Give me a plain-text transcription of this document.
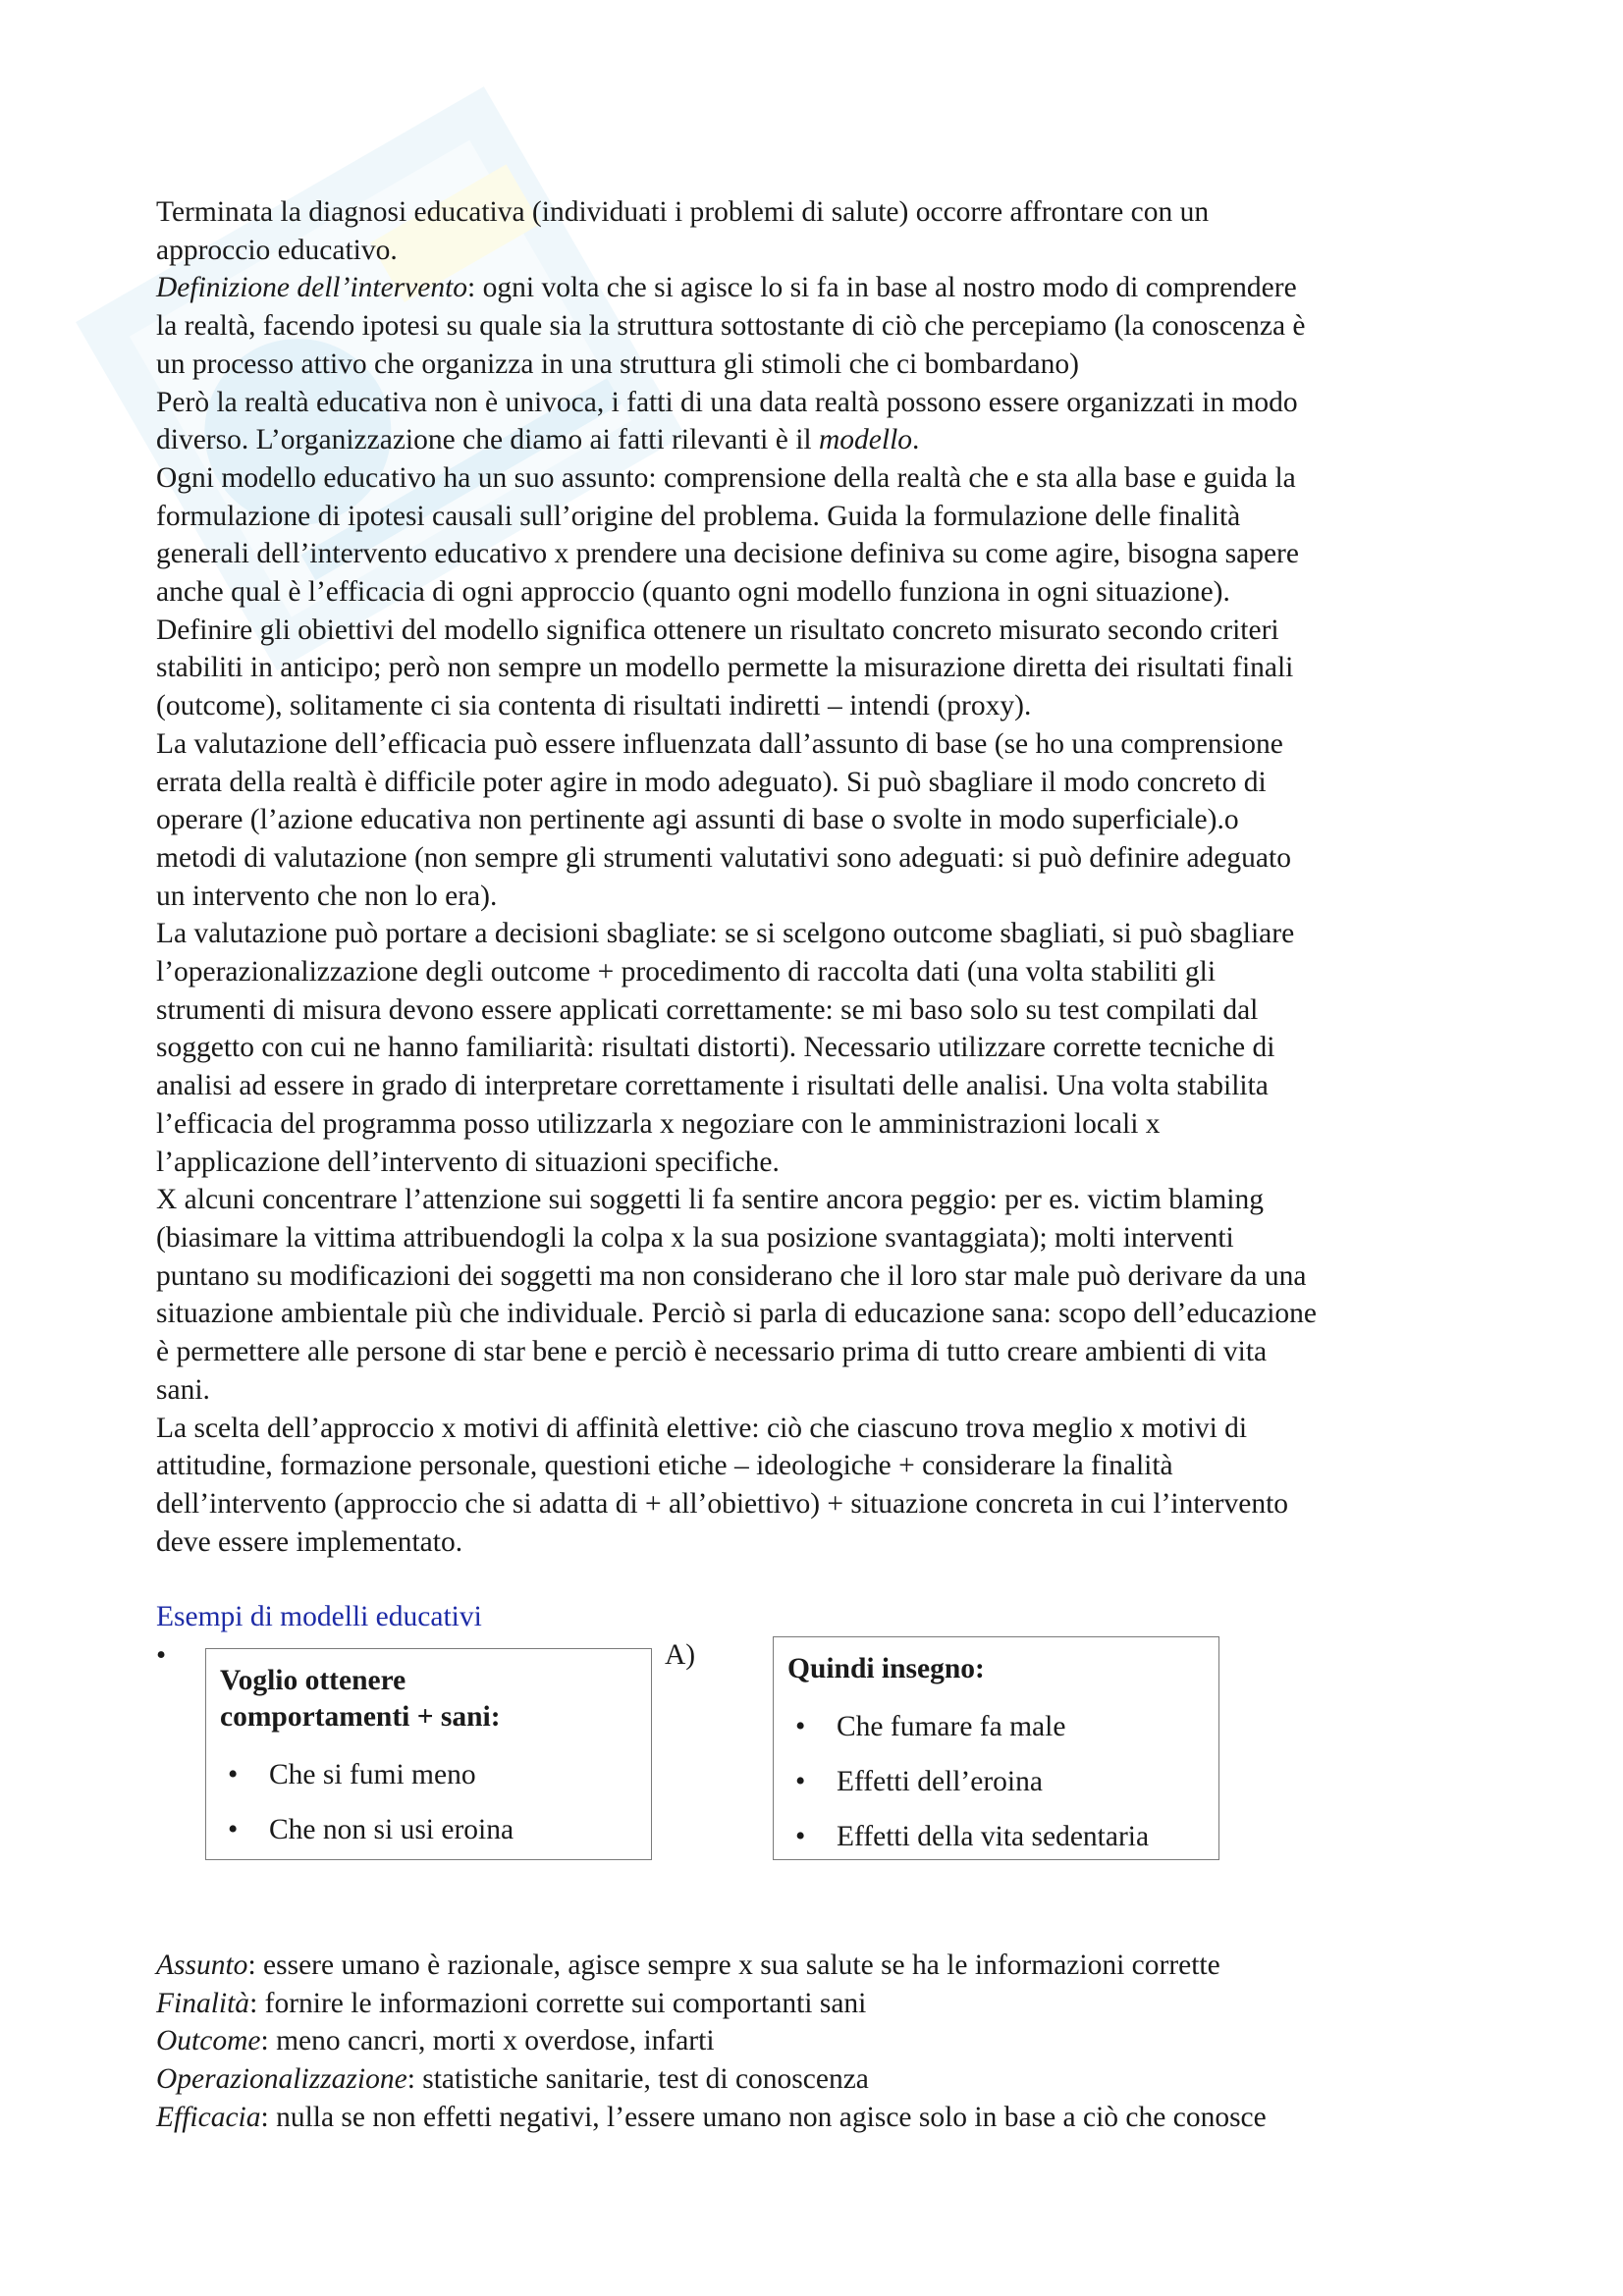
Terminata la diagnosi educativa (individuati i problemi di salute) occorre affrontare con un
approccio educativo.
Definizione dell’intervento: ogni volta che si agisce lo si fa in base al nostro modo di comprendere
la realtà, facendo ipotesi su quale sia la struttura sottostante di ciò che percepiamo (la conoscenza è
un processo attivo che organizza in una struttura gli stimoli che ci bombardano)
Però la realtà educativa non è univoca, i fatti di una data realtà possono essere organizzati in modo
diverso. L’organizzazione che diamo ai fatti rilevanti è il modello.
Ogni modello educativo ha un suo assunto: comprensione della realtà che e sta alla base e guida la
formulazione di ipotesi causali sull’origine del problema. Guida la formulazione delle finalità
generali dell’intervento educativo x prendere una decisione definiva su come agire, bisogna sapere
anche qual è l’efficacia di ogni approccio (quanto ogni modello funziona in ogni situazione).
Definire gli obiettivi del modello significa ottenere un risultato concreto misurato secondo criteri
stabiliti in anticipo; però non sempre un modello permette la misurazione diretta dei risultati finali
(outcome), solitamente ci sia contenta di risultati indiretti – intendi (proxy).
La valutazione dell’efficacia può essere influenzata dall’assunto di base (se ho una comprensione
errata della realtà è difficile poter agire in modo adeguato). Si può sbagliare il modo concreto di
operare (l’azione educativa non pertinente agi assunti di base o svolte in modo superficiale).o
metodi di valutazione (non sempre gli strumenti valutativi sono adeguati: si può definire adeguato
un intervento che non lo era).
La valutazione può portare a decisioni sbagliate: se si scelgono outcome sbagliati, si può sbagliare
l’operazionalizzazione degli outcome + procedimento di raccolta dati (una volta stabiliti gli
strumenti di misura devono essere applicati correttamente: se mi baso solo su test compilati dal
soggetto con cui ne hanno familiarità: risultati distorti). Necessario utilizzare corrette tecniche di
analisi ad essere in grado di interpretare correttamente i risultati delle analisi. Una volta stabilita
l’efficacia del programma posso utilizzarla x negoziare con le amministrazioni locali x
l’applicazione dell’intervento di situazioni specifiche.
X alcuni concentrare l’attenzione sui soggetti li fa sentire ancora peggio: per es. victim blaming
(biasimare la vittima attribuendogli la colpa x la sua posizione svantaggiata); molti interventi
puntano su modificazioni dei soggetti ma non considerano che il loro star male può derivare da una
situazione ambientale più che individuale. Perciò si parla di educazione sana: scopo dell’educazione
è permettere alle persone di star bene e perciò è necessario prima di tutto creare ambienti di vita
sani.
La scelta dell’approccio x motivi di affinità elettive: ciò che ciascuno trova meglio x motivi di
attitudine, formazione personale, questioni etiche – ideologiche + considerare la finalità
dell’intervento (approccio che si adatta di + all’obiettivo) + situazione concreta in cui l’intervento
deve essere implementato.
Esempi di modelli educativi
•	A)
Voglio ottenere
comportamenti + sani:
• Che si fumi meno
• Che non si usi eroina
Quindi insegno:
• Che fumare fa male
• Effetti dell’eroina
• Effetti della vita sedentaria
Assunto: essere umano è razionale, agisce sempre x sua salute se ha le informazioni corrette
Finalità: fornire le informazioni corrette sui comportanti sani
Outcome: meno cancri, morti x overdose, infarti
Operazionalizzazione: statistiche sanitarie, test di conoscenza
Efficacia: nulla se non effetti negativi, l’essere umano non agisce solo in base a ciò che conosce
